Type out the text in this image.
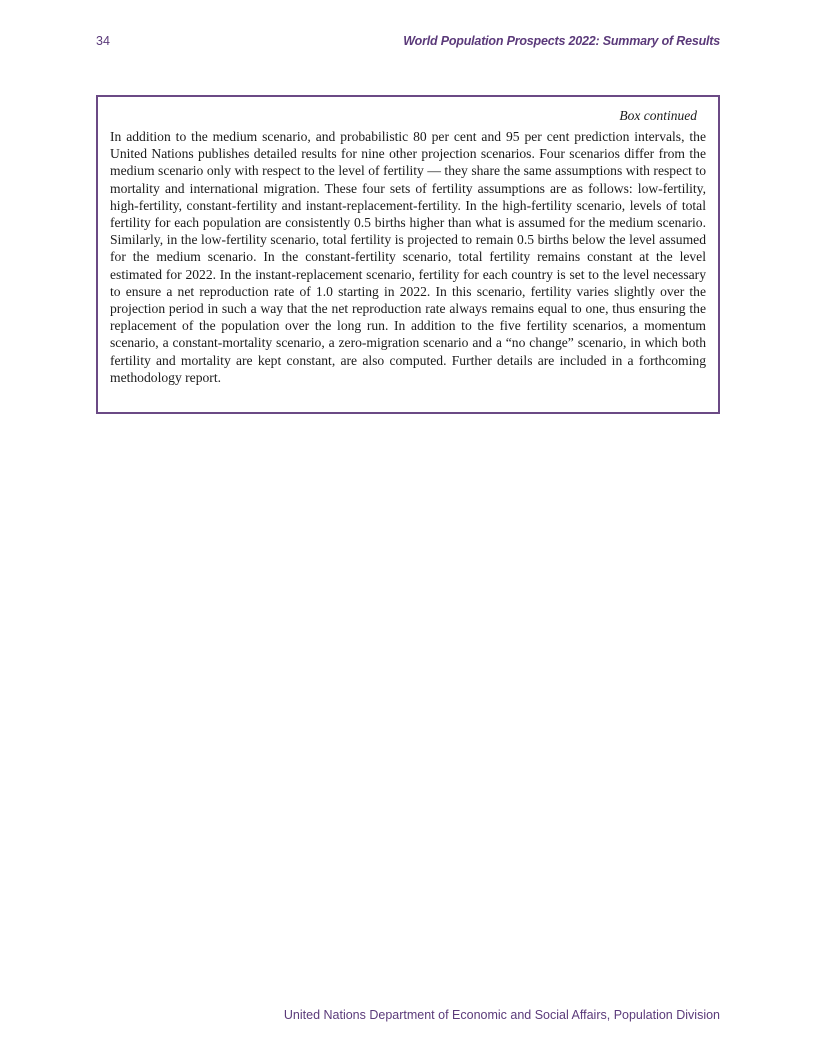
34	World Population Prospects 2022: Summary of Results

Box continued

In addition to the medium scenario, and probabilistic 80 per cent and 95 per cent prediction intervals, the United Nations publishes detailed results for nine other projection scenarios. Four scenarios differ from the medium scenario only with respect to the level of fertility — they share the same assumptions with respect to mortality and international migration. These four sets of fertility assumptions are as follows: low-fertility, high-fertility, constant-fertility and instant-replacement-fertility. In the high-fertility scenario, levels of total fertility for each population are consistently 0.5 births higher than what is assumed for the medium scenario. Similarly, in the low-fertility scenario, total fertility is projected to remain 0.5 births below the level assumed for the medium scenario. In the constant-fertility scenario, total fertility remains constant at the level estimated for 2022. In the instant-replacement scenario, fertility for each country is set to the level necessary to ensure a net reproduction rate of 1.0 starting in 2022. In this scenario, fertility varies slightly over the projection period in such a way that the net reproduction rate always remains equal to one, thus ensuring the replacement of the population over the long run. In addition to the five fertility scenarios, a momentum scenario, a constant-mortality scenario, a zero-migration scenario and a “no change” scenario, in which both fertility and mortality are kept constant, are also computed. Further details are included in a forthcoming methodology report.

United Nations Department of Economic and Social Affairs, Population Division
